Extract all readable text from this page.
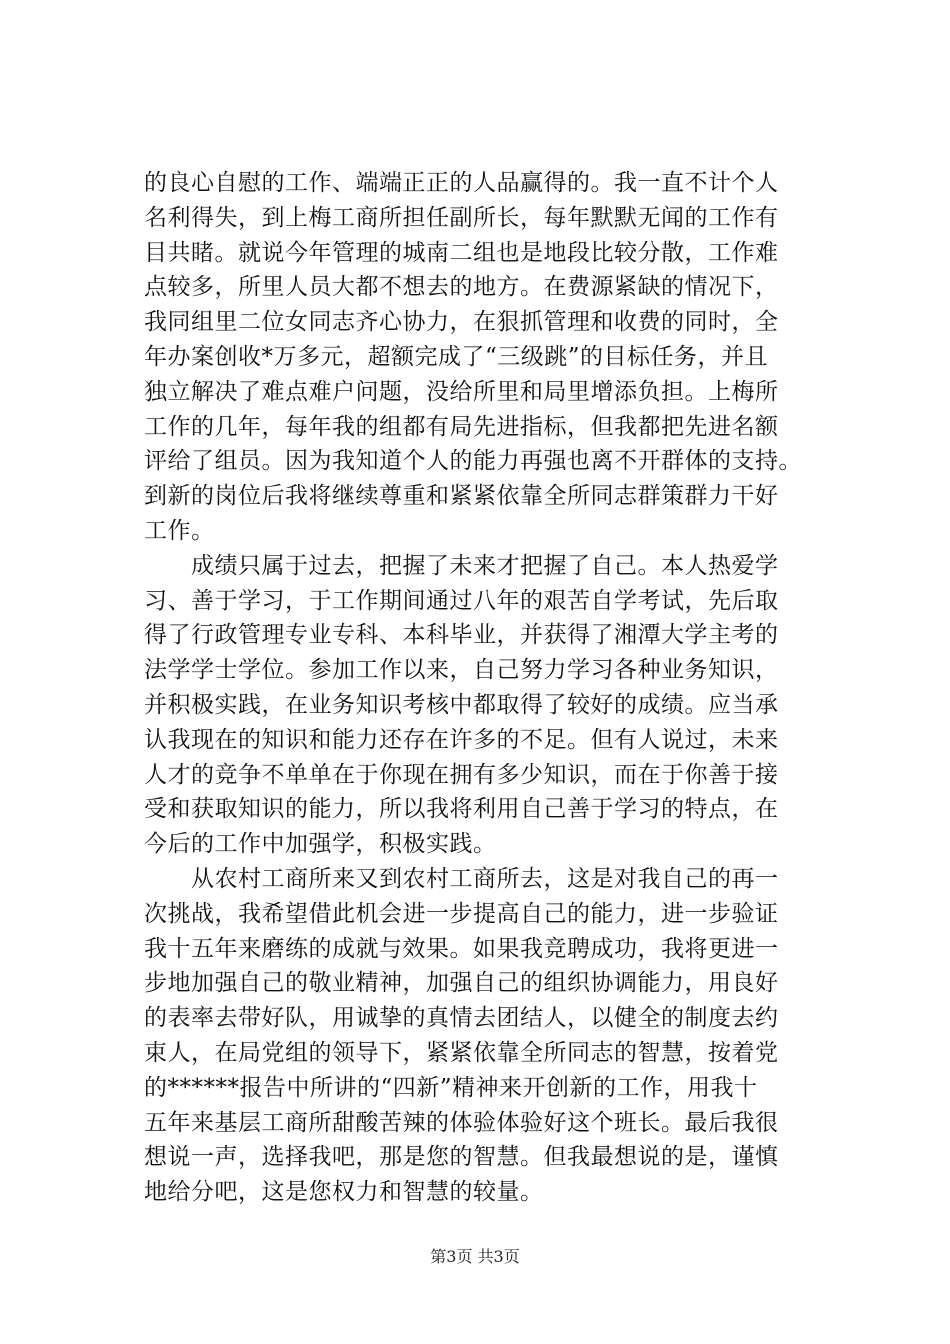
的良心自慰的工作、端端正正的人品赢得的。我一直不计个人
名利得失，到上梅工商所担任副所长，每年默默无闻的工作有
目共睹。就说今年管理的城南二组也是地段比较分散，工作难
点较多，所里人员大都不想去的地方。在费源紧缺的情况下，
我同组里二位女同志齐心协力，在狠抓管理和收费的同时，全
年办案创收*万多元，超额完成了“三级跳”的目标任务，并且
独立解决了难点难户问题，没给所里和局里增添负担。上梅所
工作的几年，每年我的组都有局先进指标，但我都把先进名额
评给了组员。因为我知道个人的能力再强也离不开群体的支持。
到新的岗位后我将继续尊重和紧紧依靠全所同志群策群力干好
工作。
　　成绩只属于过去，把握了未来才把握了自己。本人热爱学
习、善于学习，于工作期间通过八年的艰苦自学考试，先后取
得了行政管理专业专科、本科毕业，并获得了湘潭大学主考的
法学学士学位。参加工作以来，自己努力学习各种业务知识，
并积极实践，在业务知识考核中都取得了较好的成绩。应当承
认我现在的知识和能力还存在许多的不足。但有人说过，未来
人才的竞争不单单在于你现在拥有多少知识，而在于你善于接
受和获取知识的能力，所以我将利用自己善于学习的特点，在
今后的工作中加强学，积极实践。
　　从农村工商所来又到农村工商所去，这是对我自己的再一
次挑战，我希望借此机会进一步提高自己的能力，进一步验证
我十五年来磨练的成就与效果。如果我竞聘成功，我将更进一
步地加强自己的敬业精神，加强自己的组织协调能力，用良好
的表率去带好队，用诚挚的真情去团结人，以健全的制度去约
束人，在局党组的领导下，紧紧依靠全所同志的智慧，按着党
的******报告中所讲的“四新”精神来开创新的工作，用我十
五年来基层工商所甜酸苦辣的体验体验好这个班长。最后我很
想说一声，选择我吧，那是您的智慧。但我最想说的是，谨慎
地给分吧，这是您权力和智慧的较量。
第3页 共3页
